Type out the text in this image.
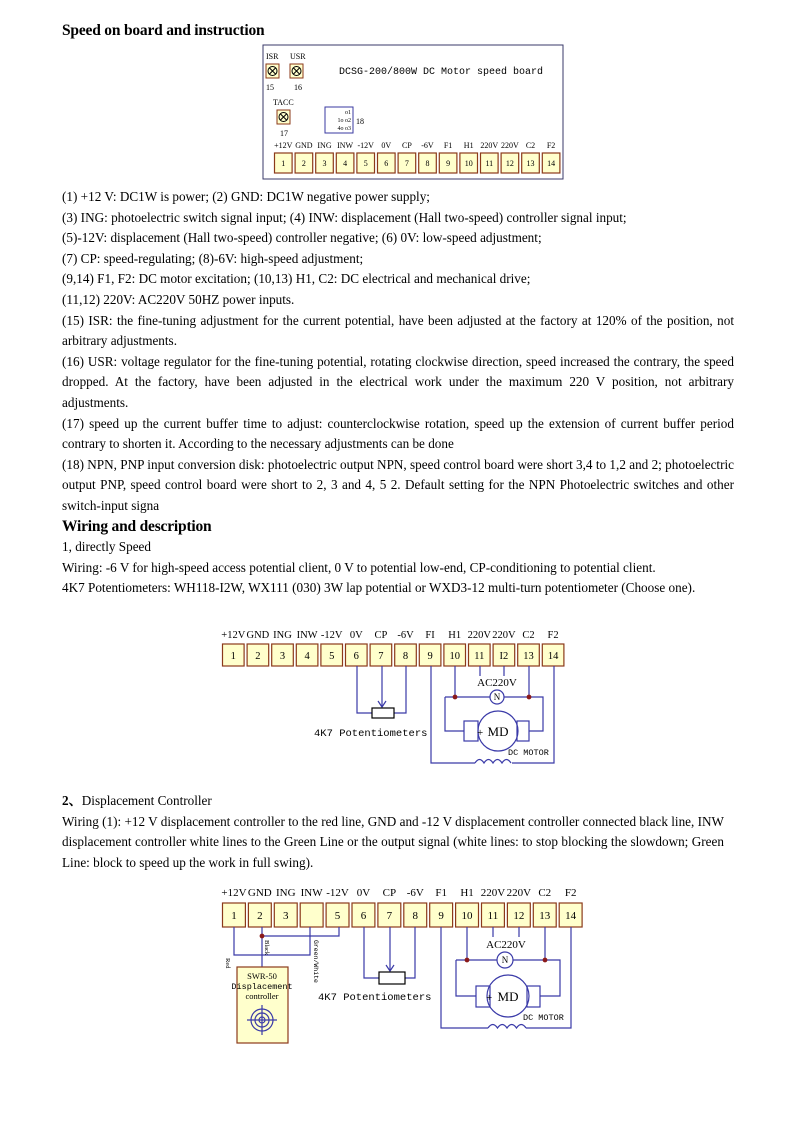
Speed on board and instruction
DCSG-200/800W DC Motor speed board
ISR
15
USR
16
TACC
17
o1
1o o2
4o o3
18
+12V
1
GND
2
ING
3
INW
4
-12V
5
0V
6
CP
7
-6V
8
F1
9
H1
10
220V
11
220V
12
C2
13
F2
14
(1) +12 V: DC1W is power; (2) GND: DC1W negative power supply;
(3) ING: photoelectric switch signal input; (4) INW: displacement (Hall two-speed) controller signal input;
(5)-12V: displacement (Hall two-speed) controller negative; (6) 0V: low-speed adjustment;
(7) CP: speed-regulating; (8)-6V: high-speed adjustment;
(9,14) F1, F2: DC motor excitation; (10,13) H1, C2: DC electrical and mechanical drive;
(11,12) 220V: AC220V 50HZ power inputs.
(15) ISR: the fine-tuning adjustment for the current potential, have been adjusted at the factory at 120% of the position, not arbitrary adjustments.
(16) USR: voltage regulator for the fine-tuning potential, rotating clockwise direction, speed increased the contrary, the speed dropped. At the factory, have been adjusted in the electrical work under the maximum 220 V position, not arbitrary adjustments.
(17) speed up the current buffer time to adjust: counterclockwise rotation, speed up the extension of current buffer period contrary to shorten it. According to the necessary adjustments can be done
(18) NPN, PNP input conversion disk: photoelectric output NPN, speed control board were short 3,4 to 1,2 and 2; photoelectric output PNP, speed control board were short to 2, 3 and 4, 5 2. Default setting for the NPN Photoelectric switches and other switch-input signa
Wiring and description
1, directly Speed
Wiring: -6 V for high-speed access potential client, 0 V to potential low-end, CP-conditioning to potential client.
4K7 Potentiometers: WH118-I2W, WX111 (030) 3W lap potential or WXD3-12 multi-turn potentiometer (Choose one).
+12V
1
GND
2
ING
3
INW
4
-12V
5
0V
6
CP
7
-6V
8
FI
9
H1
10
220V
11
220V
I2
C2
13
F2
14
N
AC220V
MD
+
DC MOTOR
4K7 Potentiometers
2、Displacement Controller
Wiring (1): +12 V displacement controller to the red line, GND and -12 V displacement controller connected black line, INW displacement controller white lines to the Green Line or the output signal (white lines: to stop blocking the slowdown; Green Line: block to speed up the work in full swing).
+12V
1
GND
2
ING
3
INW -12V
5
0V
6
CP
7
-6V
8
F1
9
H1
10
220V
11
220V
12
C2
13
F2
14
N
AC220V
MD
+
DC MOTOR
4K7 Potentiometers
Red
Black	Green/White
SWR-50
Displacement
controller
